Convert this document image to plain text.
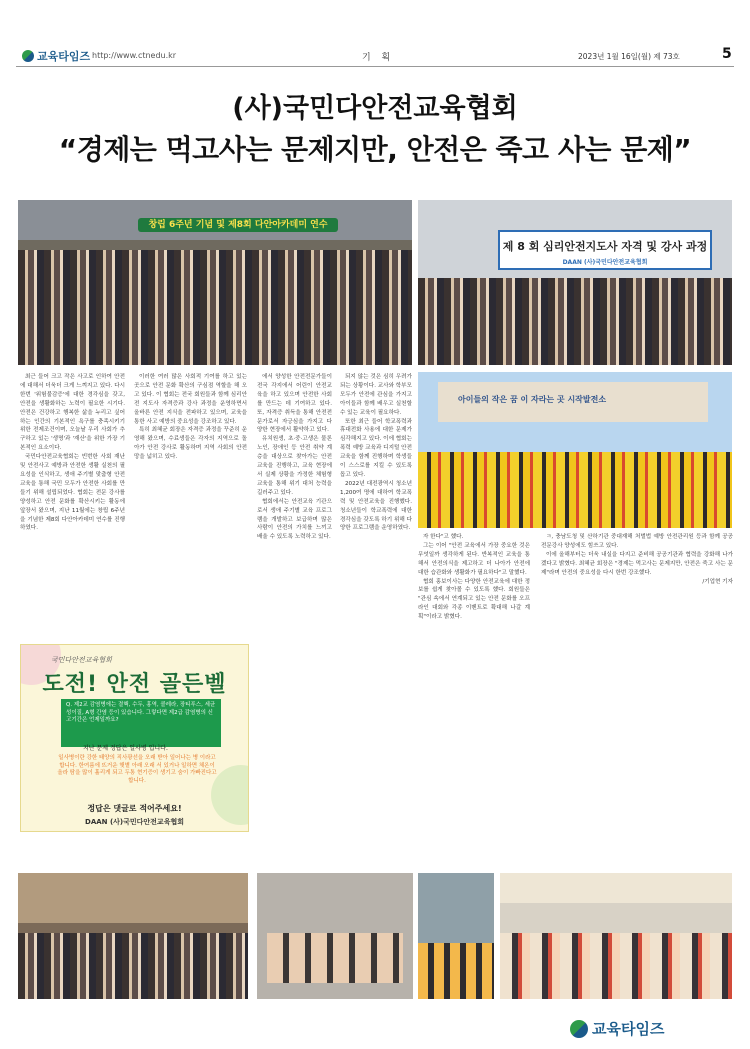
교육타임즈 http://www.ctnedu.kr	기 획	2023년 1월 16일(월) 제 73호	5
(사)국민다안전교육협회
“경제는 먹고사는 문제지만, 안전은 죽고 사는 문제”
창립 6주년 기념 및 제8회 다안아카데미 연수
제 8 회 심리안전지도사 자격 및 강사 과정
DAAN (사)국민다안전교육협회
아이들의 작은 꿈 이 자라는 곳 시작발전소

최근 들어 크고 작은 사고로 인하여 안전에 대해서 더욱더 크게 느껴지고 있다. 다시 한번 '위험불감증'에 대한 경각심을 갖고, 안전을 생활화하는 노력이 필요한 시기다. 안전은 건강하고 행복한 삶을 누리고 싶어 하는 인간의 기본적인 욕구를 충족시키기 위한 전제조건이며, 오늘날 우리 사회가 추구하고 있는 '생명'과 '재산'을 위한 가장 기본적인 요소이다.

국민다안전교육협회는 빈번한 사회 재난 및 안전사고 예방과 안전한 생활 실천의 필요성을 인식하고, 생애 주기별 맞춤형 안전교육을 통해 국민 모두가 안전한 사회를 만들기 위해 설립되었다. 협회는 전문 강사를 양성하고 안전 문화를 확산시키는 활동에 앞장서 왔으며, 지난 11월에는 창립 6주년을 기념한 제8회 다안아카데미 연수를 진행하였다.

이러한 여러 많은 사회적 기여를 하고 있는 곳으로 안전 문화 확산의 구심점 역할을 해 오고 있다. 이 협회는 전국 회원들과 함께 심리안전 지도사 자격증과 강사 과정을 운영하면서 올바른 안전 지식을 전파하고 있으며, 교육을 통한 사고 예방의 중요성을 강조하고 있다.

특히 최혜균 회장은 자격증 과정을 꾸준히 운영해 왔으며, 수료생들은 각자의 지역으로 돌아가 안전 강사로 활동하며 지역 사회의 안전망을 넓히고 있다.

에서 양성한 안전전문가들이 전국 각지에서 어린이 안전교육을 하고 있으며 안전한 사회를 만드는 데 기여하고 있다. 또, 자격증 취득을 통해 안전전문가로서 자긍심을 가지고 다양한 현장에서 활약하고 있다.

유치원생, 초·중·고생은 물론 노인, 장애인 등 안전 취약 계층을 대상으로 찾아가는 안전교육을 진행하고, 교육 현장에서 실제 상황을 가정한 체험형 교육을 통해 위기 대처 능력을 길러주고 있다.

협회에서는 안전교육 기관으로서 생애 주기별 교육 프로그램을 개발하고 보급하며 많은 사람이 안전의 가치를 느끼고 배울 수 있도록 노력하고 있다.

되지 않는 것은 심히 우려가 되는 상황이다. 교사와 학부모 모두가 안전에 관심을 가지고 아이들과 함께 배우고 실천할 수 있는 교육이 필요하다.

또한 최근 들어 학교폭력과 휴대전화 사용에 대한 문제가 심각해지고 있다. 이에 협회는 폭력 예방 교육과 디지털 안전 교육을 함께 진행하며 학생들이 스스로를 지킬 수 있도록 돕고 있다.

2022년 대전광역시 청소년 1,200여 명에 대하여 학교폭력 및 안전교육을 진행했다. 청소년들이 학교폭력에 대한 경각심을 갖도록 하기 위해 다양한 프로그램을 운영하였다.

자 한다"고 했다.

그는 이어 "안전 교육에서 가장 중요한 것은 무엇일까 생각하게 된다. 반복적인 교육을 통해서 안전의식을 제고하고 더 나아가 안전에 대한 습관화와 생활화가 필요하다"고 말했다.

협회 홍보이사는 다양한 안전교육에 대한 정보를 쉽게 찾아볼 수 있도록 했다. 회원들은 "관심 속에서 연계되고 있는 안전 문화를 오프라인 대회와 각종 이벤트로 확대해 나갈 계획"이라고 밝혔다.

ㅋ, 충남도청 및 산하기관 중대재해 처벌법 예방 안전관리원 등과 함께 공공 전문강사 양성에도 힘쓰고 있다.

이에 올해부터는 더욱 내실을 다지고 준비해 공공기관과 협력을 강화해 나가겠다고 밝혔다. 최혜균 회장은 "경제는 먹고사는 문제지만, 안전은 죽고 사는 문제"라며 안전의 중요성을 다시 한번 강조했다.

/기업현 기자
국민다안전교육협회
도전! 안전 골든벨
Q. 제2교 감염병에는 결핵, 수두, 홍역, 콜레라, 장티푸스, 세균성이질, A형 간염 등이 있습니다. 그렇다면 제2급 감염병의 신고기간은 언제일까요?
지난 문제 정답은 일사병 입니다.
일사병이란 강한 태양의 직사광선을 오래 받아 일어나는 병 이라고 합니다. 한여름에 뜨거운 햇볕 아래 오래 서 있거나 일하면 체온이 올라 땀을 많이 흘리게 되고 두통 현기증이 생기고 숨이 가빠진다고 합니다.
정답은 댓글로 적어주세요!
DAAN (사)국민다안전교육협회
교육타임즈
